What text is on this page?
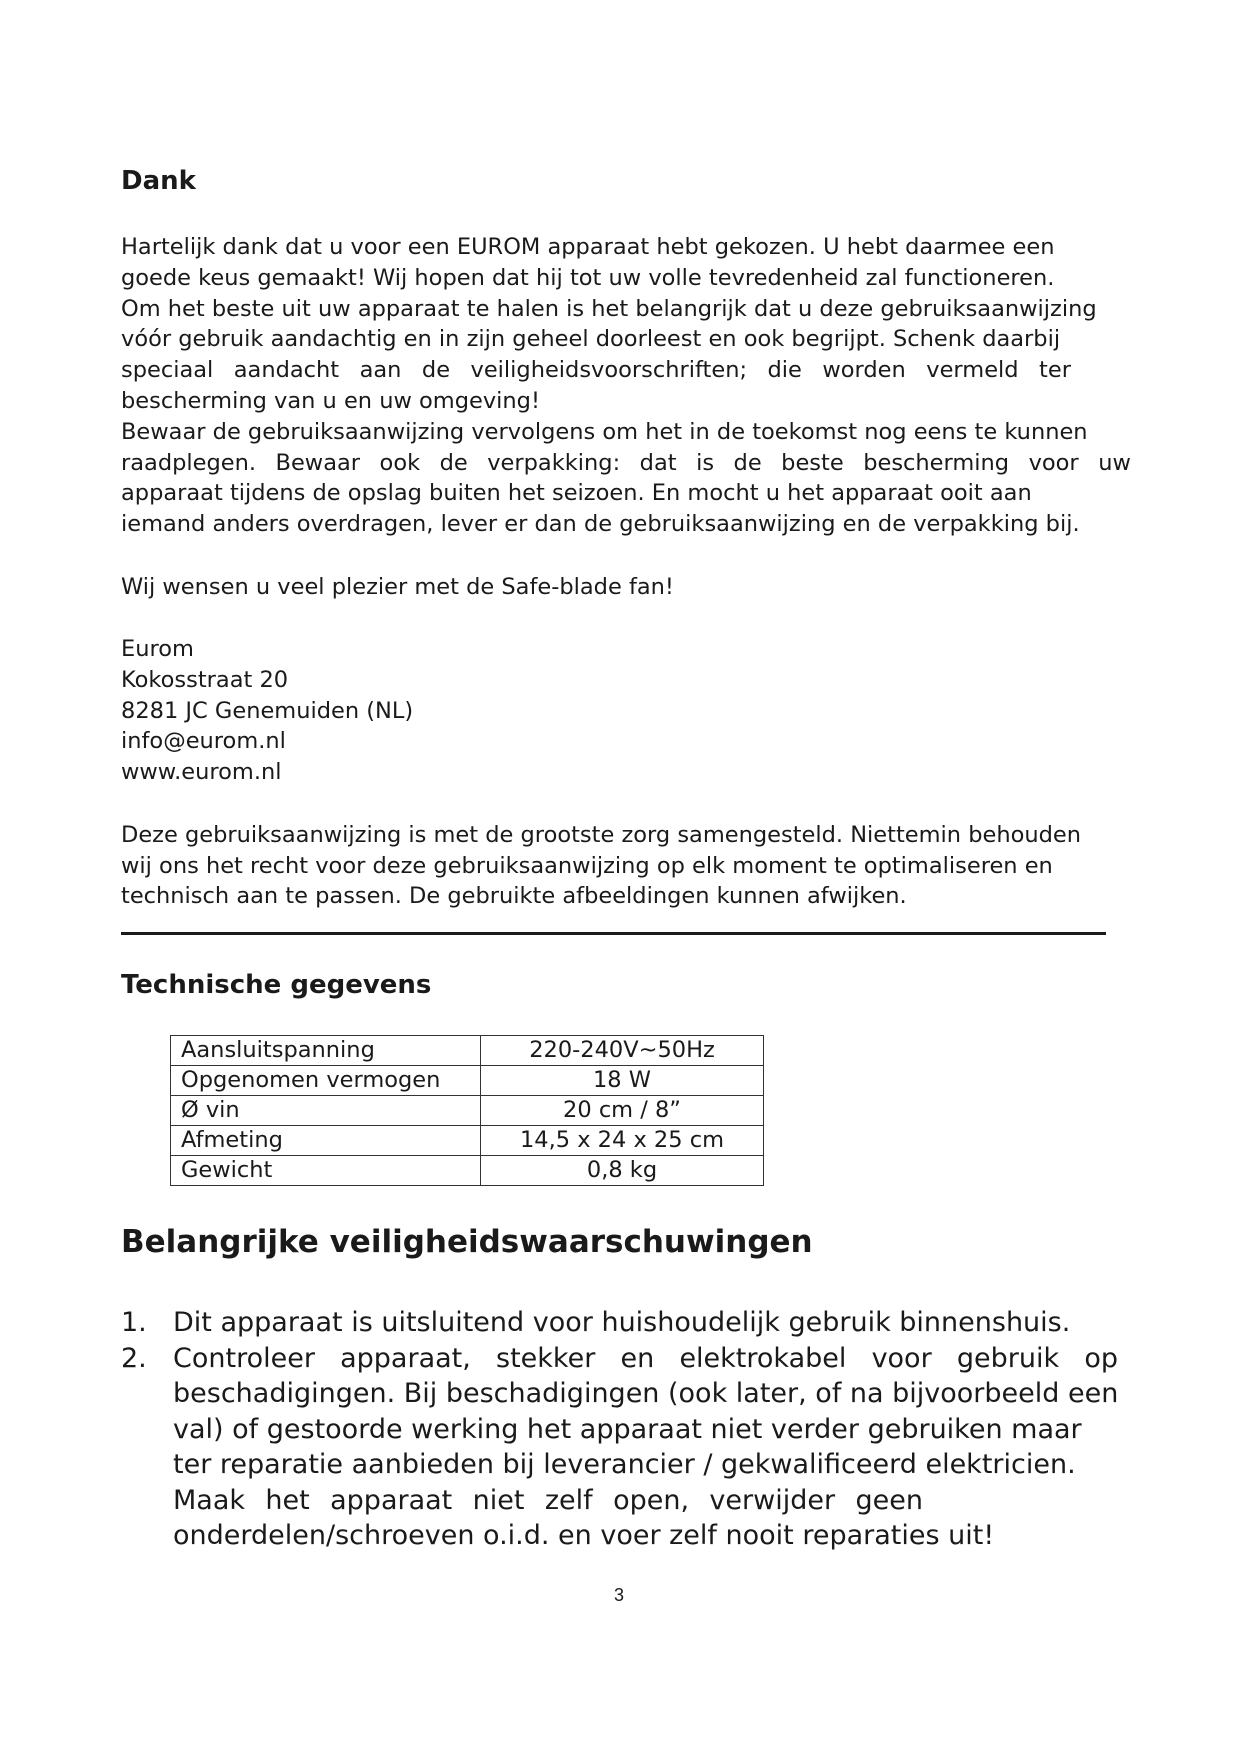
Dank
Hartelijk dank dat u voor een EUROM apparaat hebt gekozen. U hebt daarmee een
goede keus gemaakt! Wij hopen dat hij tot uw volle tevredenheid zal functioneren.
Om het beste uit uw apparaat te halen is het belangrijk dat u deze gebruiksaanwijzing
vóór gebruik aandachtig en in zijn geheel doorleest en ook begrijpt. Schenk daarbij
speciaal aandacht aan de veiligheidsvoorschriften; die worden vermeld ter
bescherming van u en uw omgeving!
Bewaar de gebruiksaanwijzing vervolgens om het in de toekomst nog eens te kunnen
raadplegen. Bewaar ook de verpakking: dat is de beste bescherming voor uw
apparaat tijdens de opslag buiten het seizoen. En mocht u het apparaat ooit aan
iemand anders overdragen, lever er dan de gebruiksaanwijzing en de verpakking bij.
Wij wensen u veel plezier met de Safe-blade fan!
Eurom
Kokosstraat 20
8281 JC Genemuiden (NL)
info@eurom.nl
www.eurom.nl
Deze gebruiksaanwijzing is met de grootste zorg samengesteld. Niettemin behouden
wij ons het recht voor deze gebruiksaanwijzing op elk moment te optimaliseren en
technisch aan te passen. De gebruikte afbeeldingen kunnen afwijken.
Technische gegevens
Aansluitspanning	220-240V~50Hz
Opgenomen vermogen	18 W
Ø vin	20 cm / 8”
Afmeting	14,5 x 24 x 25 cm
Gewicht	0,8 kg
Belangrijke veiligheidswaarschuwingen
1. Dit apparaat is uitsluitend voor huishoudelijk gebruik binnenshuis.
2. Controleer apparaat, stekker en elektrokabel voor gebruik op
beschadigingen. Bij beschadigingen (ook later, of na bijvoorbeeld een
val) of gestoorde werking het apparaat niet verder gebruiken maar
ter reparatie aanbieden bij leverancier / gekwalificeerd elektricien.
Maak het apparaat niet zelf open, verwijder geen
onderdelen/schroeven o.i.d. en voer zelf nooit reparaties uit!
3
